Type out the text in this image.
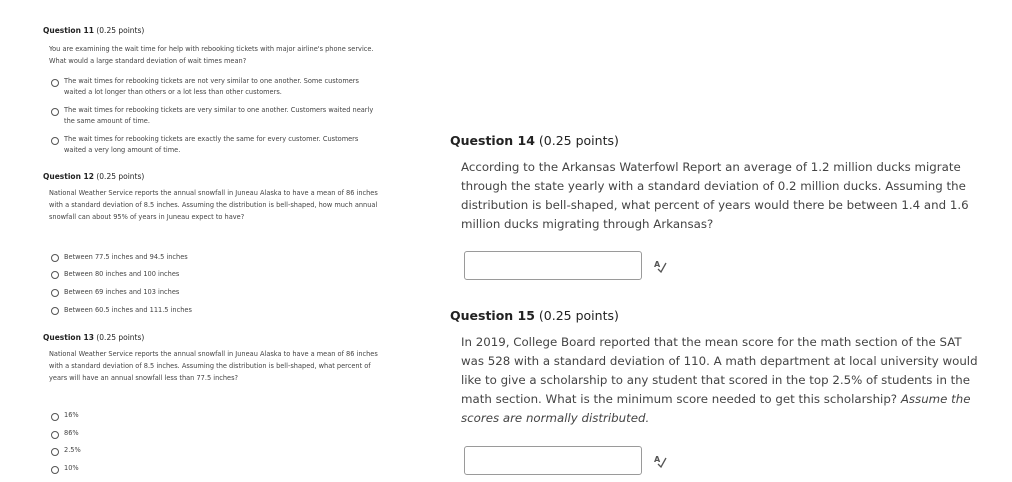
Question 11 (0.25 points)
You are examining the wait time for help with rebooking tickets with major airline's phone service. What would a large standard deviation of wait times mean?
The wait times for rebooking tickets are not very similar to one another. Some customers waited a lot longer than others or a lot less than other customers.
The wait times for rebooking tickets are very similar to one another. Customers waited nearly the same amount of time.
The wait times for rebooking tickets are exactly the same for every customer. Customers waited a very long amount of time.
Question 12 (0.25 points)
National Weather Service reports the annual snowfall in Juneau Alaska to have a mean of 86 inches with a standard deviation of 8.5 inches. Assuming the distribution is bell-shaped, how much annual snowfall can about 95% of years in Juneau expect to have?
Between 77.5 inches and 94.5 inches
Between 80 inches and 100 inches
Between 69 inches and 103 inches
Between 60.5 inches and 111.5 inches
Question 13 (0.25 points)
National Weather Service reports the annual snowfall in Juneau Alaska to have a mean of 86 inches with a standard deviation of 8.5 inches. Assuming the distribution is bell-shaped, what percent of years will have an annual snowfall less than 77.5 inches?
16%
86%
2.5%
10%
Question 14 (0.25 points)
According to the Arkansas Waterfowl Report an average of 1.2 million ducks migrate through the state yearly with a standard deviation of 0.2 million ducks. Assuming the distribution is bell-shaped, what percent of years would there be between 1.4 and 1.6 million ducks migrating through Arkansas?
A
Question 15 (0.25 points)
In 2019, College Board reported that the mean score for the math section of the SAT was 528 with a standard deviation of 110. A math department at local university would like to give a scholarship to any student that scored in the top 2.5% of students in the math section. What is the minimum score needed to get this scholarship? Assume the scores are normally distributed.
A
